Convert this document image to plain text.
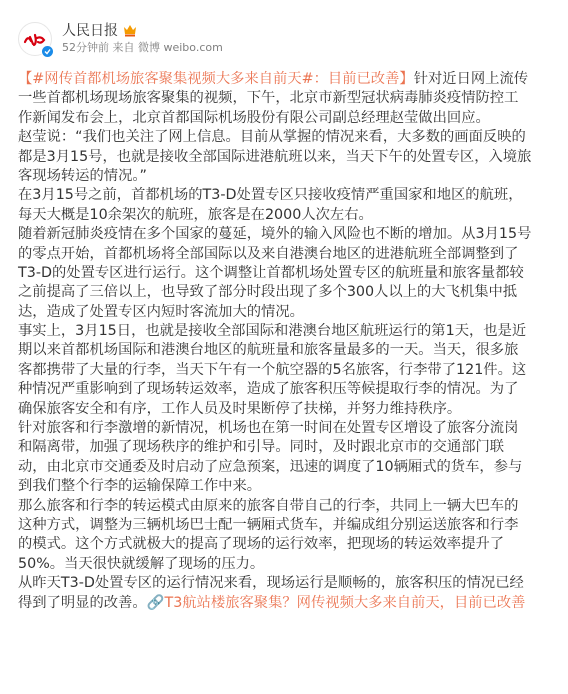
人民日报
52分钟前 来自 微博 weibo.com
【#网传首都机场旅客聚集视频大多来自前天#：目前已改善】针对近日网上流传
一些首都机场现场旅客聚集的视频，下午，北京市新型冠状病毒肺炎疫情防控工
作新闻发布会上，北京首都国际机场股份有限公司副总经理赵莹做出回应。
赵莹说：“我们也关注了网上信息。目前从掌握的情况来看，大多数的画面反映的
都是3月15号，也就是接收全部国际进港航班以来，当天下午的处置专区，入境旅
客现场转运的情况。”
在3月15号之前，首都机场的T3-D处置专区只接收疫情严重国家和地区的航班，
每天大概是10余架次的航班，旅客是在2000人次左右。
随着新冠肺炎疫情在多个国家的蔓延，境外的输入风险也不断的增加。从3月15号
的零点开始，首都机场将全部国际以及来自港澳台地区的进港航班全部调整到了
T3-D的处置专区进行运行。这个调整让首都机场处置专区的航班量和旅客量都较
之前提高了三倍以上，也导致了部分时段出现了多个300人以上的大飞机集中抵
达，造成了处置专区内短时客流加大的情况。
事实上，3月15日，也就是接收全部国际和港澳台地区航班运行的第1天，也是近
期以来首都机场国际和港澳台地区的航班量和旅客量最多的一天。当天，很多旅
客都携带了大量的行李，当天下午有一个航空器的5名旅客，行李带了121件。这
种情况严重影响到了现场转运效率，造成了旅客积压等候提取行李的情况。为了
确保旅客安全和有序，工作人员及时果断停了扶梯，并努力维持秩序。
针对旅客和行李激增的新情况，机场也在第一时间在处置专区增设了旅客分流岗
和隔离带，加强了现场秩序的维护和引导。同时，及时跟北京市的交通部门联
动，由北京市交通委及时启动了应急预案，迅速的调度了10辆厢式的货车，参与
到我们整个行李的运输保障工作中来。
那么旅客和行李的转运模式由原来的旅客自带自己的行李，共同上一辆大巴车的
这种方式，调整为三辆机场巴士配一辆厢式货车，并编成组分别运送旅客和行李
的模式。这个方式就极大的提高了现场的运行效率，把现场的转运效率提升了
50%。当天很快就缓解了现场的压力。
从昨天T3-D处置专区的运行情况来看，现场运行是顺畅的，旅客积压的情况已经
得到了明显的改善。🔗T3航站楼旅客聚集？网传视频大多来自前天，目前已改善
